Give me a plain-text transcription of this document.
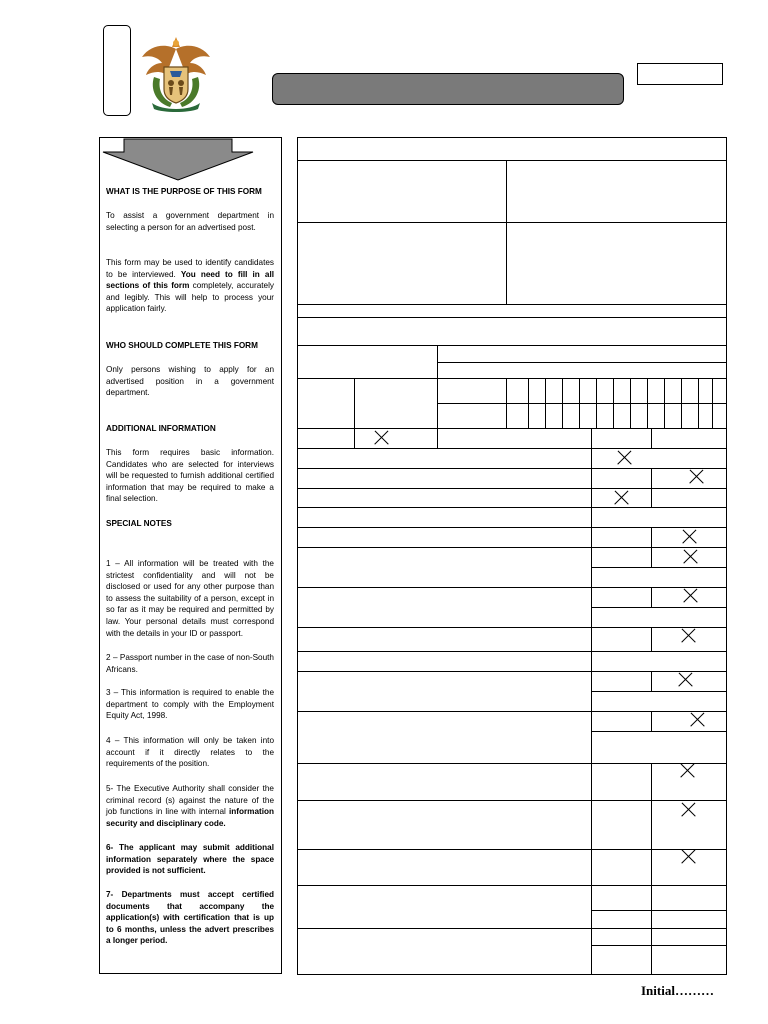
WHAT IS THE PURPOSE OF THIS FORM
To assist a government department in selecting a person for an advertised post.
This form may be used to identify candidates to be interviewed. You need to fill in all sections of this form completely, accurately and legibly. This will help to process your application fairly.
WHO SHOULD COMPLETE THIS FORM
Only persons wishing to apply for an advertised position in a government department.
ADDITIONAL INFORMATION
This form requires basic information. Candidates who are selected for interviews will be requested to furnish additional certified information that may be required to make a final selection.
SPECIAL NOTES
1 – All information will be treated with the strictest confidentiality and will not be disclosed or used for any other purpose than to assess the suitability of a person, except in so far as it may be required and permitted by law. Your personal details must correspond with the details in your ID or passport.
2 – Passport number in the case of non-South Africans.
3 – This information is required to enable the department to comply with the Employment Equity Act, 1998.
4 – This information will only be taken into account if it directly relates to the requirements of the position.
5- The Executive Authority shall consider the criminal record (s) against the nature of the job functions in line with internal information security and disciplinary code.
6- The applicant may submit additional information separately where the space provided is not sufficient.
7- Departments must accept certified documents that accompany the application(s) with certification that is up to 6 months, unless the advert prescribes a longer period.
Initial………
